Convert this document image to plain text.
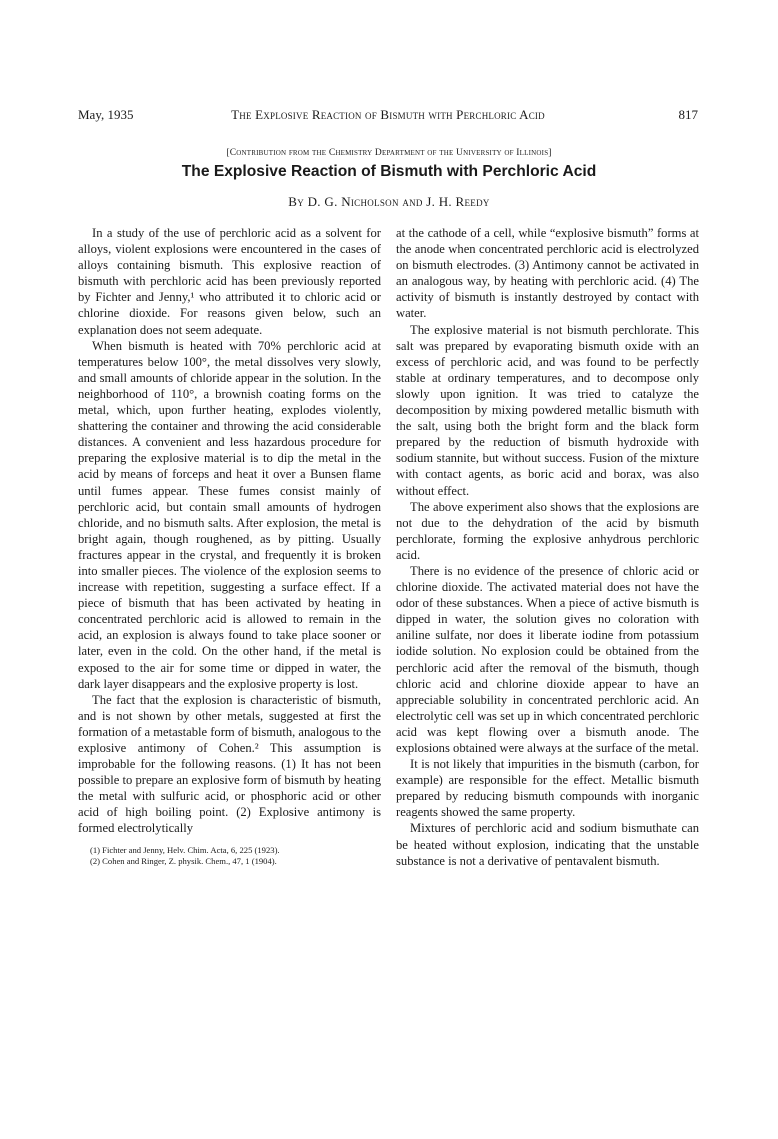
May, 1935	The Explosive Reaction of Bismuth with Perchloric Acid	817
[Contribution from the Chemistry Department of the University of Illinois]
The Explosive Reaction of Bismuth with Perchloric Acid
By D. G. Nicholson and J. H. Reedy

In a study of the use of perchloric acid as a solvent for alloys, violent explosions were encountered in the cases of alloys containing bismuth. This explosive reaction of bismuth with perchloric acid has been previously reported by Fichter and Jenny,¹ who attributed it to chloric acid or chlorine dioxide. For reasons given below, such an explanation does not seem adequate.

When bismuth is heated with 70% perchloric acid at temperatures below 100°, the metal dissolves very slowly, and small amounts of chloride appear in the solution. In the neighborhood of 110°, a brownish coating forms on the metal, which, upon further heating, explodes violently, shattering the container and throwing the acid considerable distances. A convenient and less hazardous procedure for preparing the explosive material is to dip the metal in the acid by means of forceps and heat it over a Bunsen flame until fumes appear. These fumes consist mainly of perchloric acid, but contain small amounts of hydrogen chloride, and no bismuth salts. After explosion, the metal is bright again, though roughened, as by pitting. Usually fractures appear in the crystal, and frequently it is broken into smaller pieces. The violence of the explosion seems to increase with repetition, suggesting a surface effect. If a piece of bismuth that has been activated by heating in concentrated perchloric acid is allowed to remain in the acid, an explosion is always found to take place sooner or later, even in the cold. On the other hand, if the metal is exposed to the air for some time or dipped in water, the dark layer disappears and the explosive property is lost.

The fact that the explosion is characteristic of bismuth, and is not shown by other metals, suggested at first the formation of a metastable form of bismuth, analogous to the explosive antimony of Cohen.² This assumption is improbable for the following reasons. (1) It has not been possible to prepare an explosive form of bismuth by heating the metal with sulfuric acid, or phosphoric acid or other acid of high boiling point. (2) Explosive antimony is formed electrolytically

(1) Fichter and Jenny, Helv. Chim. Acta, 6, 225 (1923).
(2) Cohen and Ringer, Z. physik. Chem., 47, 1 (1904).

at the cathode of a cell, while “explosive bismuth” forms at the anode when concentrated perchloric acid is electrolyzed on bismuth electrodes. (3) Antimony cannot be activated in an analogous way, by heating with perchloric acid. (4) The activity of bismuth is instantly destroyed by contact with water.

The explosive material is not bismuth perchlorate. This salt was prepared by evaporating bismuth oxide with an excess of perchloric acid, and was found to be perfectly stable at ordinary temperatures, and to decompose only slowly upon ignition. It was tried to catalyze the decomposition by mixing powdered metallic bismuth with the salt, using both the bright form and the black form prepared by the reduction of bismuth hydroxide with sodium stannite, but without success. Fusion of the mixture with contact agents, as boric acid and borax, was also without effect.

The above experiment also shows that the explosions are not due to the dehydration of the acid by bismuth perchlorate, forming the explosive anhydrous perchloric acid.

There is no evidence of the presence of chloric acid or chlorine dioxide. The activated material does not have the odor of these substances. When a piece of active bismuth is dipped in water, the solution gives no coloration with aniline sulfate, nor does it liberate iodine from potassium iodide solution. No explosion could be obtained from the perchloric acid after the removal of the bismuth, though chloric acid and chlorine dioxide appear to have an appreciable solubility in concentrated perchloric acid. An electrolytic cell was set up in which concentrated perchloric acid was kept flowing over a bismuth anode. The explosions obtained were always at the surface of the metal.

It is not likely that impurities in the bismuth (carbon, for example) are responsible for the effect. Metallic bismuth prepared by reducing bismuth compounds with inorganic reagents showed the same property.

Mixtures of perchloric acid and sodium bismuthate can be heated without explosion, indicating that the unstable substance is not a derivative of pentavalent bismuth.
